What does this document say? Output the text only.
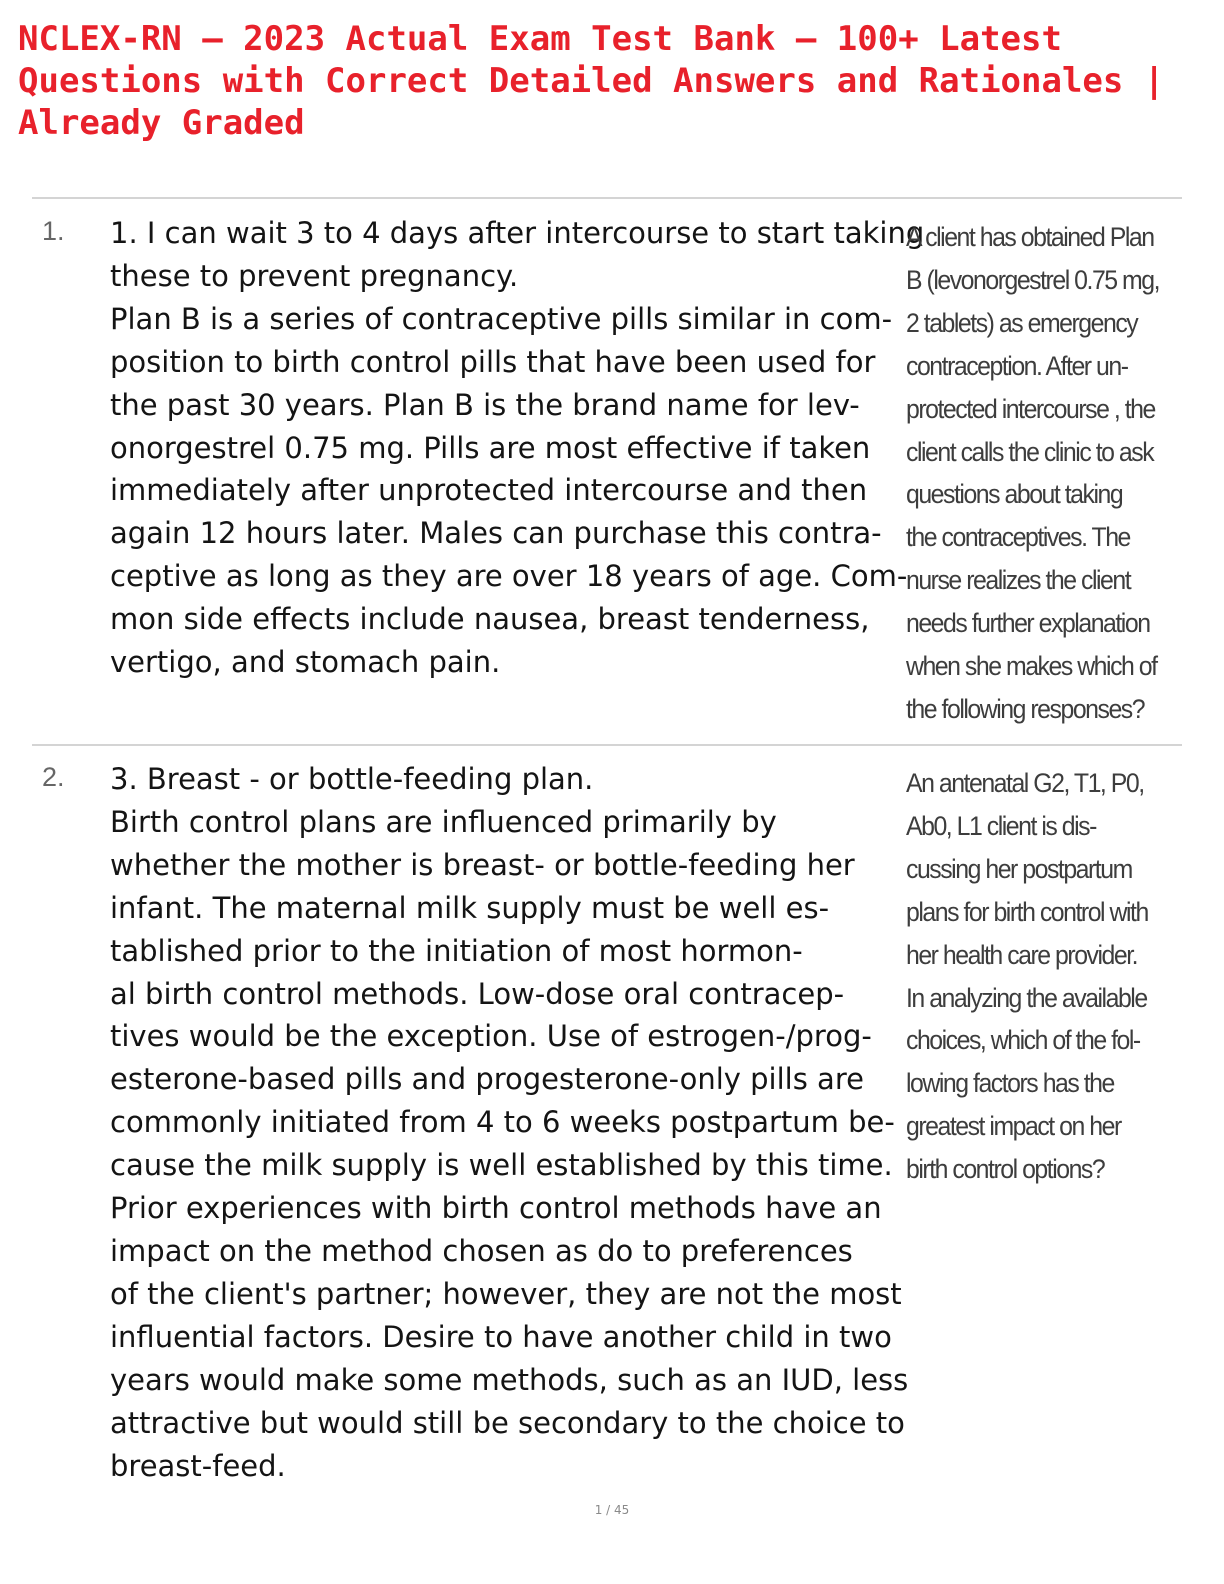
NCLEX-RN – 2023 Actual Exam Test Bank – 100+ Latest Questions with Correct Detailed Answers and Rationales | Already Graded
1. 1. I can wait 3 to 4 days after intercourse to start taking
these to prevent pregnancy.
Plan B is a series of contraceptive pills similar in com-
position to birth control pills that have been used for
the past 30 years. Plan B is the brand name for lev-
onorgestrel 0.75 mg. Pills are most effective if taken
immediately after unprotected intercourse and then
again 12 hours later. Males can purchase this contra-
ceptive as long as they are over 18 years of age. Com-
mon side effects include nausea, breast tenderness,
vertigo, and stomach pain.
A client has obtained Plan
B (levonorgestrel 0.75 mg,
2 tablets) as emergency
contraception. After un-
protected intercourse , the
client calls the clinic to ask
questions about taking
the contraceptives. The
nurse realizes the client
needs further explanation
when she makes which of
the following responses?
2. 3. Breast - or bottle-feeding plan.
Birth control plans are influenced primarily by
whether the mother is breast- or bottle-feeding her
infant. The maternal milk supply must be well es-
tablished prior to the initiation of most hormon-
al birth control methods. Low-dose oral contracep-
tives would be the exception. Use of estrogen-/prog-
esterone-based pills and progesterone-only pills are
commonly initiated from 4 to 6 weeks postpartum be-
cause the milk supply is well established by this time.
Prior experiences with birth control methods have an
impact on the method chosen as do to preferences
of the client's partner; however, they are not the most
influential factors. Desire to have another child in two
years would make some methods, such as an IUD, less
attractive but would still be secondary to the choice to
breast-feed.
An antenatal G2, T1, P0,
Ab0, L1 client is dis-
cussing her postpartum
plans for birth control with
her health care provider.
In analyzing the available
choices, which of the fol-
lowing factors has the
greatest impact on her
birth control options?
1 / 45
